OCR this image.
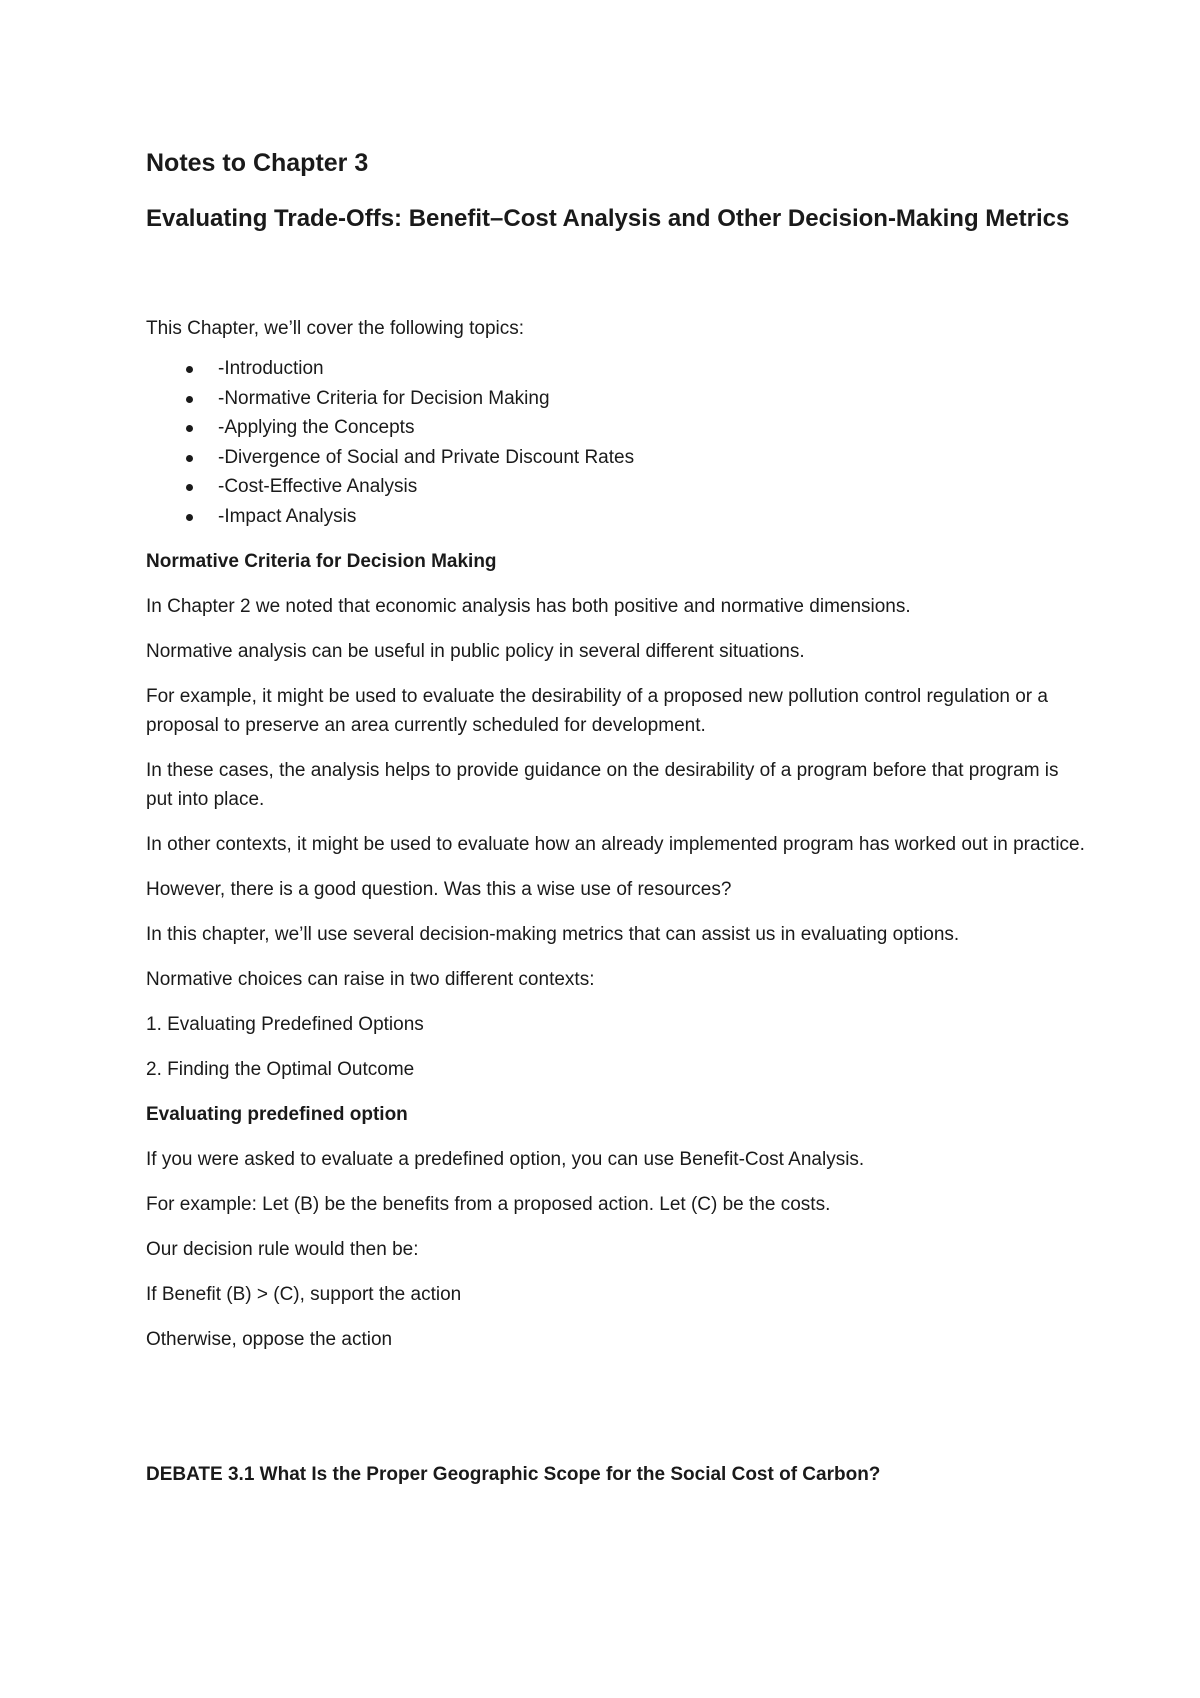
Notes to Chapter 3
Evaluating Trade-Offs: Benefit–Cost Analysis and Other Decision-Making Metrics

This Chapter, we’ll cover the following topics:

-Introduction
-Normative Criteria for Decision Making
-Applying the Concepts
-Divergence of Social and Private Discount Rates
-Cost-Effective Analysis
-Impact Analysis

Normative Criteria for Decision Making

In Chapter 2 we noted that economic analysis has both positive and normative dimensions.

Normative analysis can be useful in public policy in several different situations.

For example, it might be used to evaluate the desirability of a proposed new pollution control regulation or a proposal to preserve an area currently scheduled for development.

In these cases, the analysis helps to provide guidance on the desirability of a program before that program is put into place.

In other contexts, it might be used to evaluate how an already implemented program has worked out in practice.

However, there is a good question. Was this a wise use of resources?

In this chapter, we’ll use several decision-making metrics that can assist us in evaluating options.

Normative choices can raise in two different contexts:

1. Evaluating Predefined Options

2. Finding the Optimal Outcome

Evaluating predefined option

If you were asked to evaluate a predefined option, you can use Benefit-Cost Analysis.

For example: Let (B) be the benefits from a proposed action. Let (C) be the costs.

Our decision rule would then be:

If Benefit (B) > (C), support the action

Otherwise, oppose the action

DEBATE 3.1 What Is the Proper Geographic Scope for the Social Cost of Carbon?
